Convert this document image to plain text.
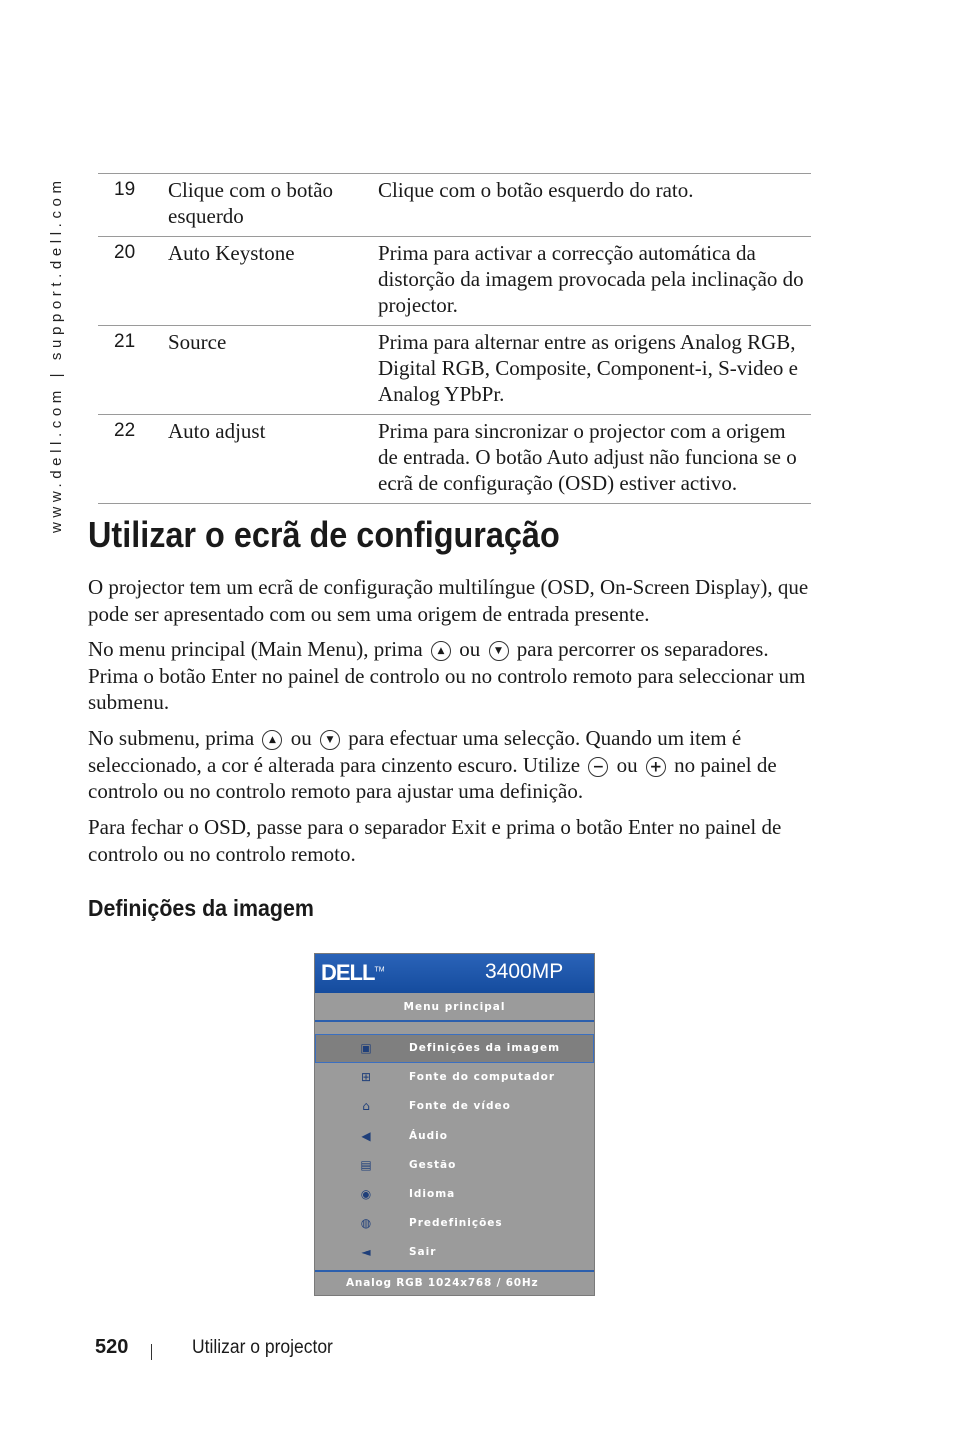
www.dell.com | support.dell.com	19	Clique com o botão esquerdo	Clique com o botão esquerdo do rato.
20	Auto Keystone	Prima para activar a correcção automática da distorção da imagem provocada pela inclinação do projector.
21	Source	Prima para alternar entre as origens Analog RGB, Digital RGB, Composite, Component-i, S-video e Analog YPbPr.
22	Auto adjust	Prima para sincronizar o projector com a origem de entrada. O botão Auto adjust não funciona se o ecrã de configuração (OSD) estiver activo.
Utilizar o ecrã de configuração

O projector tem um ecrã de configuração multilíngue (OSD, On-Screen Display), que pode ser apresentado com ou sem uma origem de entrada presente.

No menu principal (Main Menu), prima ▲ ou ▼ para percorrer os separadores. Prima o botão Enter no painel de controlo ou no controlo remoto para seleccionar um submenu.

No submenu, prima ▲ ou ▼ para efectuar uma selecção. Quando um item é seleccionado, a cor é alterada para cinzento escuro. Utilize − ou + no painel de controlo ou no controlo remoto para ajustar uma definição.

Para fechar o OSD, passe para o separador Exit e prima o botão Enter no painel de controlo ou no controlo remoto.

Definições da imagem
DELL™	3400MP
Menu principal
▣	Definições da imagem
⊞	Fonte do computador
⌂	Fonte de vídeo
◀	Áudio
▤	Gestão
◉	Idioma
◍	Predefinições
◄	Sair
Analog RGB 1024x768 / 60Hz

520	Utilizar o projector
